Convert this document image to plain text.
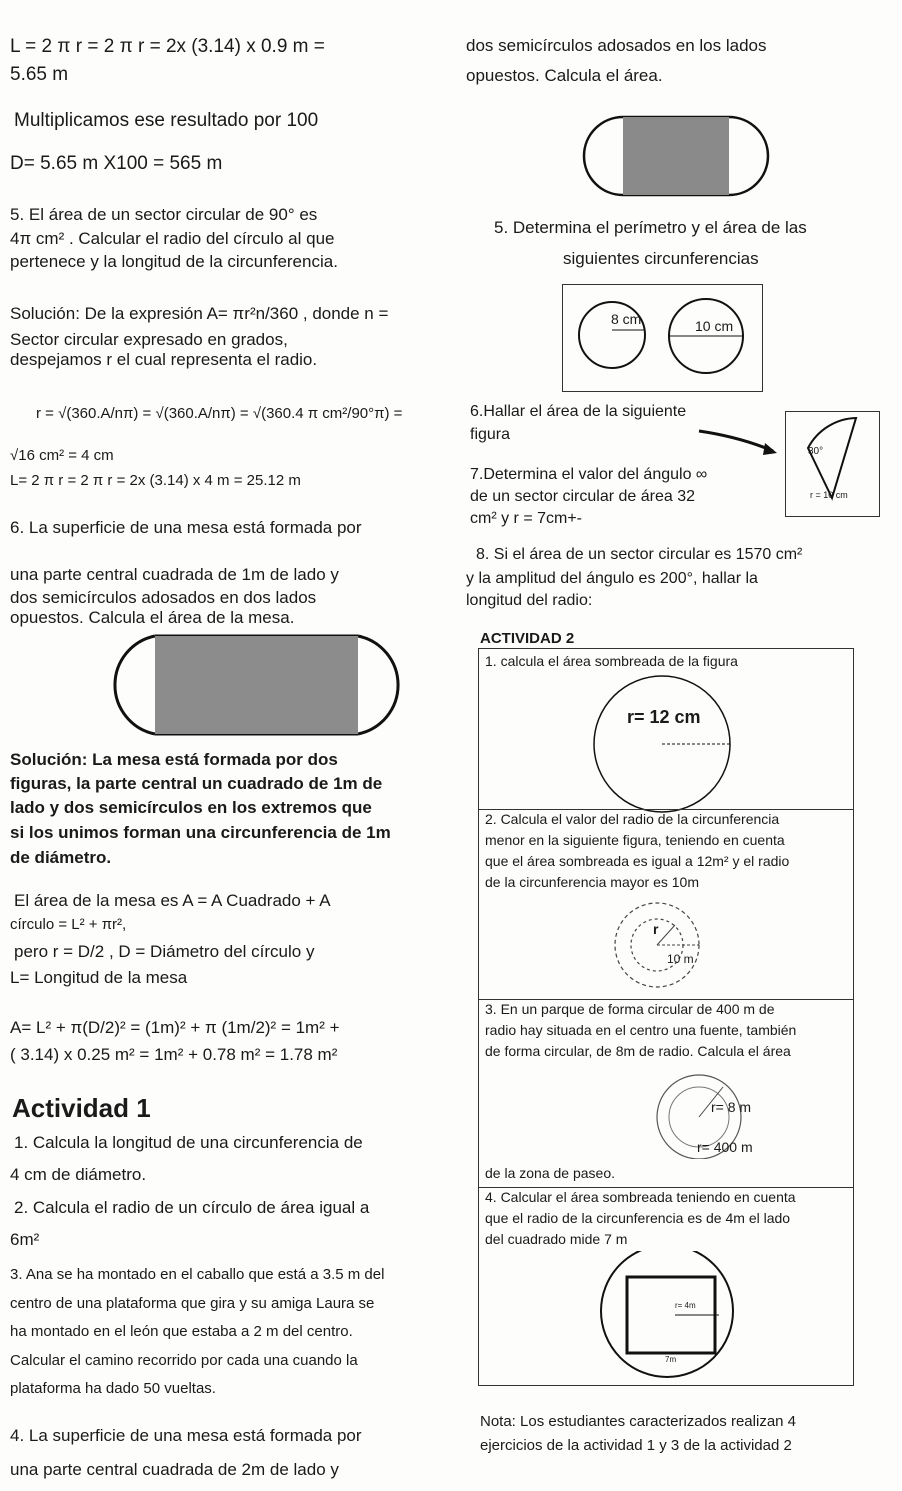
L = 2 π r = 2 π r = 2x (3.14) x 0.9 m =
5.65 m
Multiplicamos ese resultado por 100
D= 5.65 m X100 = 565 m
5. El área de un sector circular de 90° es
4π cm² . Calcular el radio del círculo al que
pertenece y la longitud de la circunferencia.
Solución: De la expresión A= πr²n/360 , donde n =
Sector circular expresado en grados,
despejamos r el cual representa el radio.
r = √(360.A/nπ) = √(360.A/nπ) = √(360.4 π cm²/90°π) =
√16 cm² = 4 cm
L= 2 π r = 2 π r = 2x (3.14) x 4 m = 25.12 m
6. La superficie de una mesa está formada por
una parte central cuadrada de 1m de lado y
dos semicírculos adosados en dos lados
opuestos. Calcula el área de la mesa.
Solución: La mesa está formada por dos
figuras, la parte central un cuadrado de 1m de
lado y dos semicírculos en los extremos que
si los unimos forman una circunferencia de 1m
de diámetro.
El área de la mesa es A = A Cuadrado + A
círculo = L² + πr²,
pero r = D/2 , D = Diámetro del círculo y
L= Longitud de la mesa
A= L² + π(D/2)² = (1m)² + π (1m/2)² = 1m² +
( 3.14) x 0.25 m² = 1m² + 0.78 m² = 1.78 m²
Actividad 1
1. Calcula la longitud de una circunferencia de
4 cm de diámetro.
2. Calcula el radio de un círculo de área igual a
6m²
3. Ana se ha montado en el caballo que está a 3.5 m del
centro de una plataforma que gira y su amiga Laura se
ha montado en el león que estaba a 2 m del centro.
Calcular el camino recorrido por cada una cuando la
plataforma ha dado 50 vueltas.
4. La superficie de una mesa está formada por
una parte central cuadrada de 2m de lado y
dos semicírculos adosados en los lados
opuestos. Calcula el área.
5. Determina el perímetro y el área de las
siguientes circunferencias
8 cm	10 cm
6.Hallar el área de la siguiente
figura
30°
r = 10 cm
7.Determina el valor del ángulo ∞
de un sector circular de área 32
cm² y r = 7cm+-
8. Si el área de un sector circular es 1570 cm²
y la amplitud del ángulo es 200°, hallar la
longitud del radio:
ACTIVIDAD 2
1. calcula el área sombreada de la figura
r= 12 cm
2. Calcula el valor del radio de la circunferencia
menor en la siguiente figura, teniendo en cuenta
que el área sombreada es igual a 12m² y el radio
de la circunferencia mayor es 10m
r
10 m
3. En un parque de forma circular de 400 m de
radio hay situada en el centro una fuente, también
de forma circular, de 8m de radio. Calcula el área
r= 8 m
r= 400 m
de la zona de paseo.
4. Calcular el área sombreada teniendo en cuenta
que el radio de la circunferencia es de 4m el lado
del cuadrado mide 7 m
r= 4m
7m
Nota: Los estudiantes caracterizados realizan 4
ejercicios de la actividad 1 y 3 de la actividad 2
